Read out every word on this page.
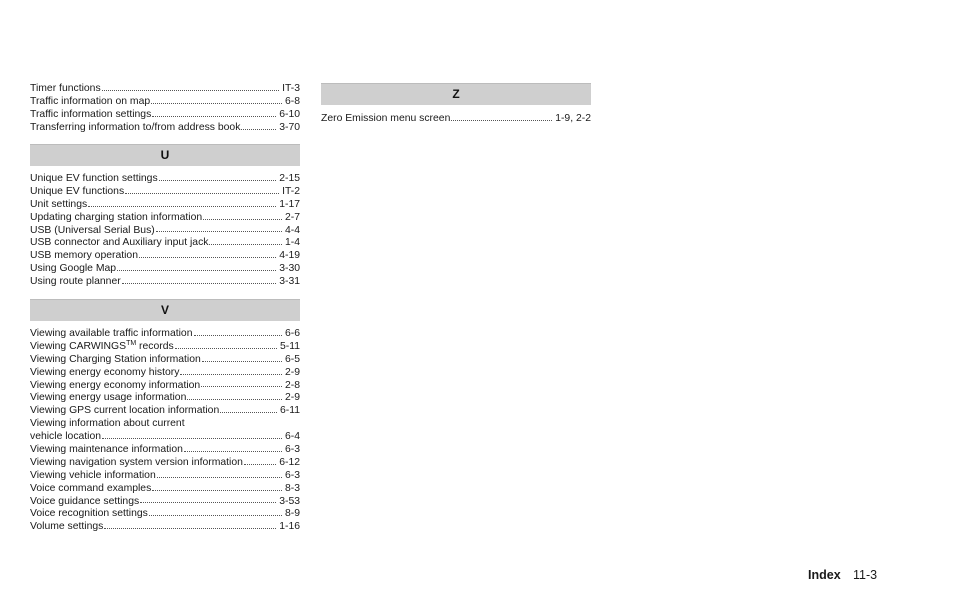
Timer functions	IT-3
Traffic information on map	6-8
Traffic information settings	6-10
Transferring information to/from address book	3-70
U
Unique EV function settings	2-15
Unique EV functions	IT-2
Unit settings	1-17
Updating charging station information	2-7
USB (Universal Serial Bus)	4-4
USB connector and Auxiliary input jack	1-4
USB memory operation	4-19
Using Google Map	3-30
Using route planner	3-31
V
Viewing available traffic information	6-6
Viewing CARWINGS™ records	5-11
Viewing Charging Station information	6-5
Viewing energy economy history	2-9
Viewing energy economy information	2-8
Viewing energy usage information	2-9
Viewing GPS current location information	6-11
Viewing information about current
vehicle location	6-4
Viewing maintenance information	6-3
Viewing navigation system version information	6-12
Viewing vehicle information	6-3
Voice command examples	8-3
Voice guidance settings	3-53
Voice recognition settings	8-9
Volume settings	1-16
Z
Zero Emission menu screen	1-9, 2-2
Index 11-3
